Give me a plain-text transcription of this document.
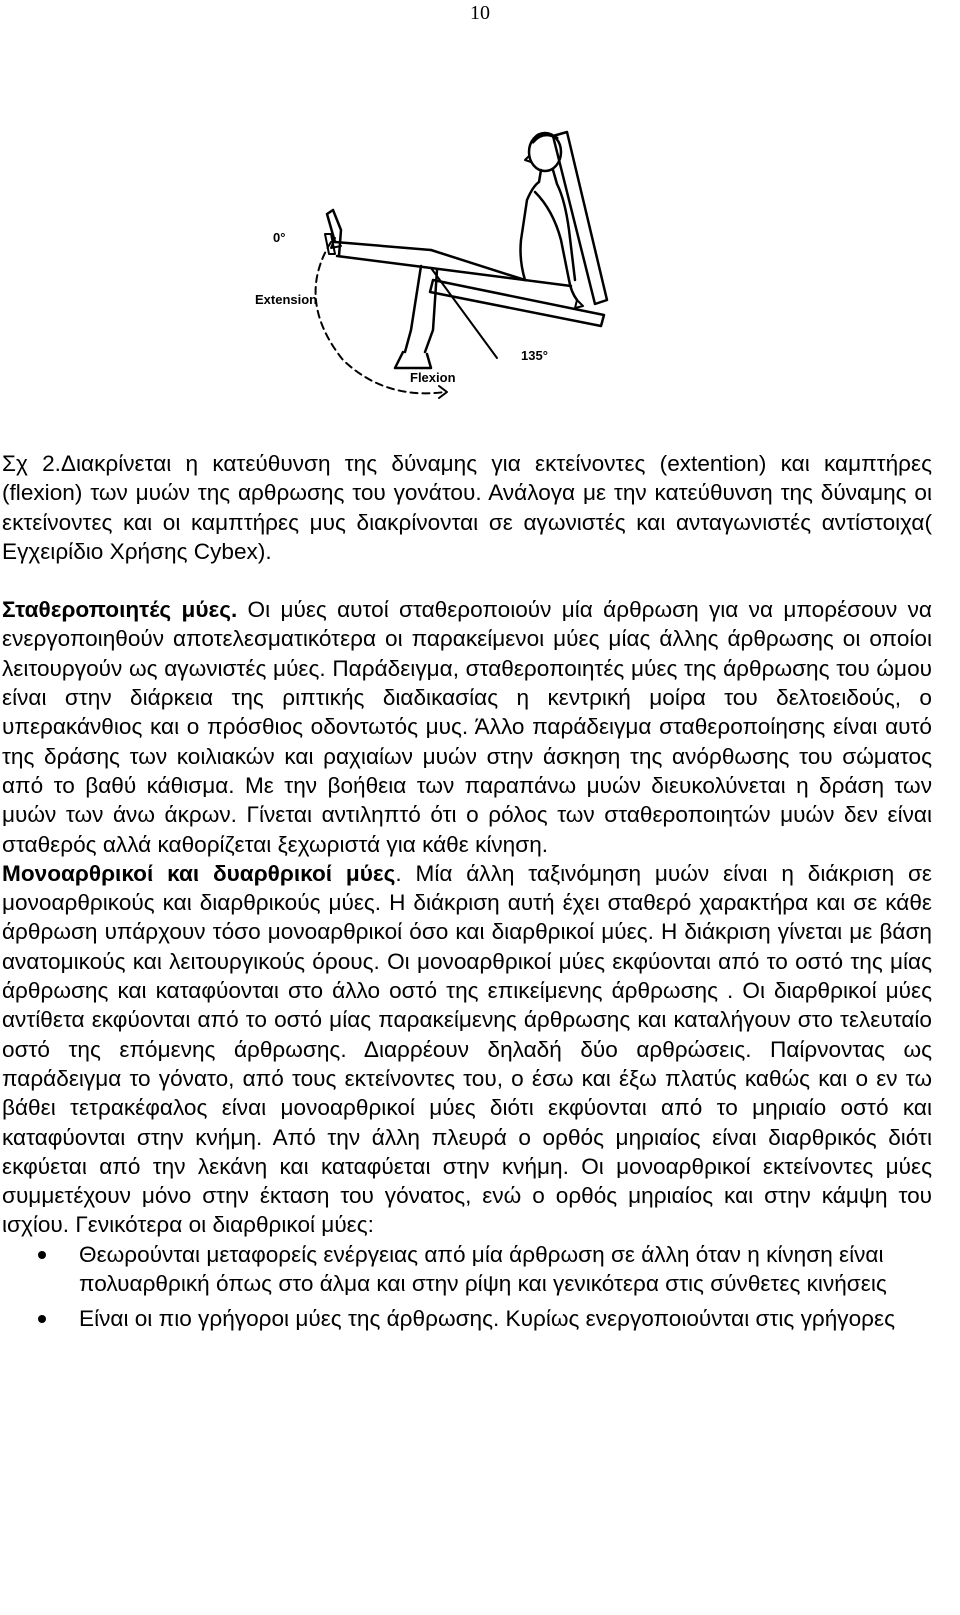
10
0°
Extension
135°
Flexion

Σχ 2.Διακρίνεται η κατεύθυνση της δύναμης για εκτείνοντες (extention) και καμπτήρες (flexion) των μυών της αρθρωσης του γονάτου. Ανάλογα με την κατεύθυνση της δύναμης οι εκτείνοντες και οι καμπτήρες μυς διακρίνονται σε αγωνιστές και ανταγωνιστές αντίστοιχα( Εγχειρίδιο Χρήσης Cybex).

Σταθεροποιητές μύες. Οι μύες αυτοί σταθεροποιούν μία άρθρωση για να μπορέσουν να ενεργοποιηθούν αποτελεσματικότερα οι παρακείμενοι μύες μίας άλλης άρθρωσης οι οποίοι λειτουργούν ως αγωνιστές μύες. Παράδειγμα, σταθεροποιητές μύες της άρθρωσης του ώμου είναι στην διάρκεια της ριπτικής διαδικασίας η κεντρική μοίρα του δελτοειδούς, ο υπερακάνθιος και ο πρόσθιος οδοντωτός μυς. Άλλο παράδειγμα σταθεροποίησης είναι αυτό της δράσης των κοιλιακών και ραχιαίων μυών στην άσκηση της ανόρθωσης του σώματος από το βαθύ κάθισμα. Με την βοήθεια των παραπάνω μυών διευκολύνεται η δράση των μυών των άνω άκρων. Γίνεται αντιληπτό ότι ο ρόλος των σταθεροποιητών μυών δεν είναι σταθερός αλλά καθορίζεται ξεχωριστά για κάθε κίνηση.

Μονοαρθρικοί και δυαρθρικοί μύες. Μία άλλη ταξινόμηση μυών είναι η διάκριση σε μονοαρθρικούς και διαρθρικούς μύες. Η διάκριση αυτή έχει σταθερό χαρακτήρα και σε κάθε άρθρωση υπάρχουν τόσο μονοαρθρικοί όσο και διαρθρικοί μύες. Η διάκριση γίνεται με βάση ανατομικούς και λειτουργικούς όρους. Οι μονοαρθρικοί μύες εκφύονται από το οστό της μίας άρθρωσης και καταφύονται στο άλλο οστό της επικείμενης άρθρωσης . Οι διαρθρικοί μύες αντίθετα εκφύονται από το οστό μίας παρακείμενης άρθρωσης και καταλήγουν στο τελευταίο οστό της επόμενης άρθρωσης. Διαρρέουν δηλαδή δύο αρθρώσεις. Παίρνοντας ως παράδειγμα το γόνατο, από τους εκτείνοντες του, ο έσω και έξω πλατύς καθώς και ο εν τω βάθει τετρακέφαλος είναι μονοαρθρικοί μύες διότι εκφύονται από το μηριαίο οστό και καταφύονται στην κνήμη. Από την άλλη πλευρά ο ορθός μηριαίος είναι διαρθρικός διότι εκφύεται από την λεκάνη και καταφύεται στην κνήμη. Οι μονοαρθρικοί εκτείνοντες μύες συμμετέχουν μόνο στην έκταση του γόνατος, ενώ ο ορθός μηριαίος και στην κάμψη του ισχίου. Γενικότερα οι διαρθρικοί μύες:

Θεωρούνται μεταφορείς ενέργειας από μία άρθρωση σε άλλη όταν η κίνηση είναι πολυαρθρική όπως στο άλμα και στην ρίψη και γενικότερα στις σύνθετες κινήσεις
Είναι οι πιο γρήγοροι μύες της άρθρωσης. Κυρίως ενεργοποιούνται στις γρήγορες
